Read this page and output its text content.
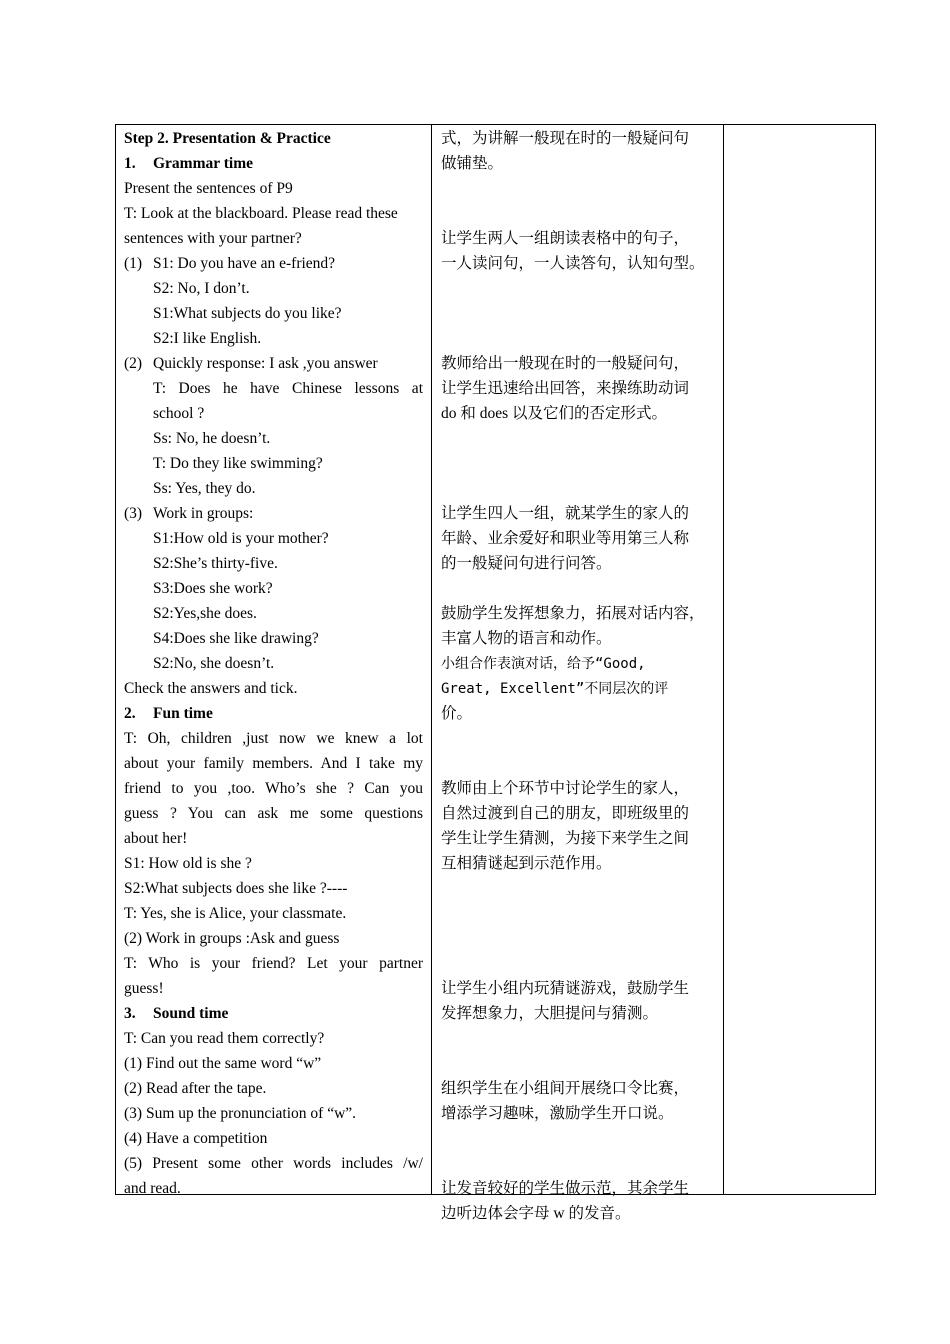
Step 2. Presentation & Practice
1. Grammar time
Present the sentences of P9
T: Look at the blackboard. Please read these
sentences with your partner?
(1) S1: Do you have an e-friend?
S2: No, I don’t.
S1:What subjects do you like?
S2:I like English.
(2) Quickly response: I ask ,you answer
T: Does he have Chinese lessons at
school ?
Ss: No, he doesn’t.
T: Do they like swimming?
Ss: Yes, they do.
(3) Work in groups:
S1:How old is your mother?
S2:She’s thirty-five.
S3:Does she work?
S2:Yes,she does.
S4:Does she like drawing?
S2:No, she doesn’t.
Check the answers and tick.
2. Fun time
T: Oh, children ,just now we knew a lot
about your family members. And I take my
friend to you ,too. Who’s she ? Can you
guess ? You can ask me some questions
about her!
S1: How old is she ?
S2:What subjects does she like ?----
T: Yes, she is Alice, your classmate.
(2) Work in groups :Ask and guess
T: Who is your friend? Let your partner
guess!
3. Sound time
T: Can you read them correctly?
(1) Find out the same word “w”
(2) Read after the tape.
(3) Sum up the pronunciation of “w”.
(4) Have a competition
(5) Present some other words includes /w/
and read.
式，为讲解一般现在时的一般疑问句
做铺垫。
让学生两人一组朗读表格中的句子，
一人读问句，一人读答句，认知句型。
教师给出一般现在时的一般疑问句，
让学生迅速给出回答，来操练助动词
do 和 does 以及它们的否定形式。
让学生四人一组，就某学生的家人的
年龄、业余爱好和职业等用第三人称
的一般疑问句进行问答。
鼓励学生发挥想象力，拓展对话内容，
丰富人物的语言和动作。
小组合作表演对话，给予“Good,
Great, Excellent”不同层次的评
价。
教师由上个环节中讨论学生的家人，
自然过渡到自己的朋友，即班级里的
学生让学生猜测，为接下来学生之间
互相猜谜起到示范作用。
让学生小组内玩猜谜游戏，鼓励学生
发挥想象力，大胆提问与猜测。
组织学生在小组间开展绕口令比赛，
增添学习趣味，激励学生开口说。
让发音较好的学生做示范，其余学生
边听边体会字母 w 的发音。
